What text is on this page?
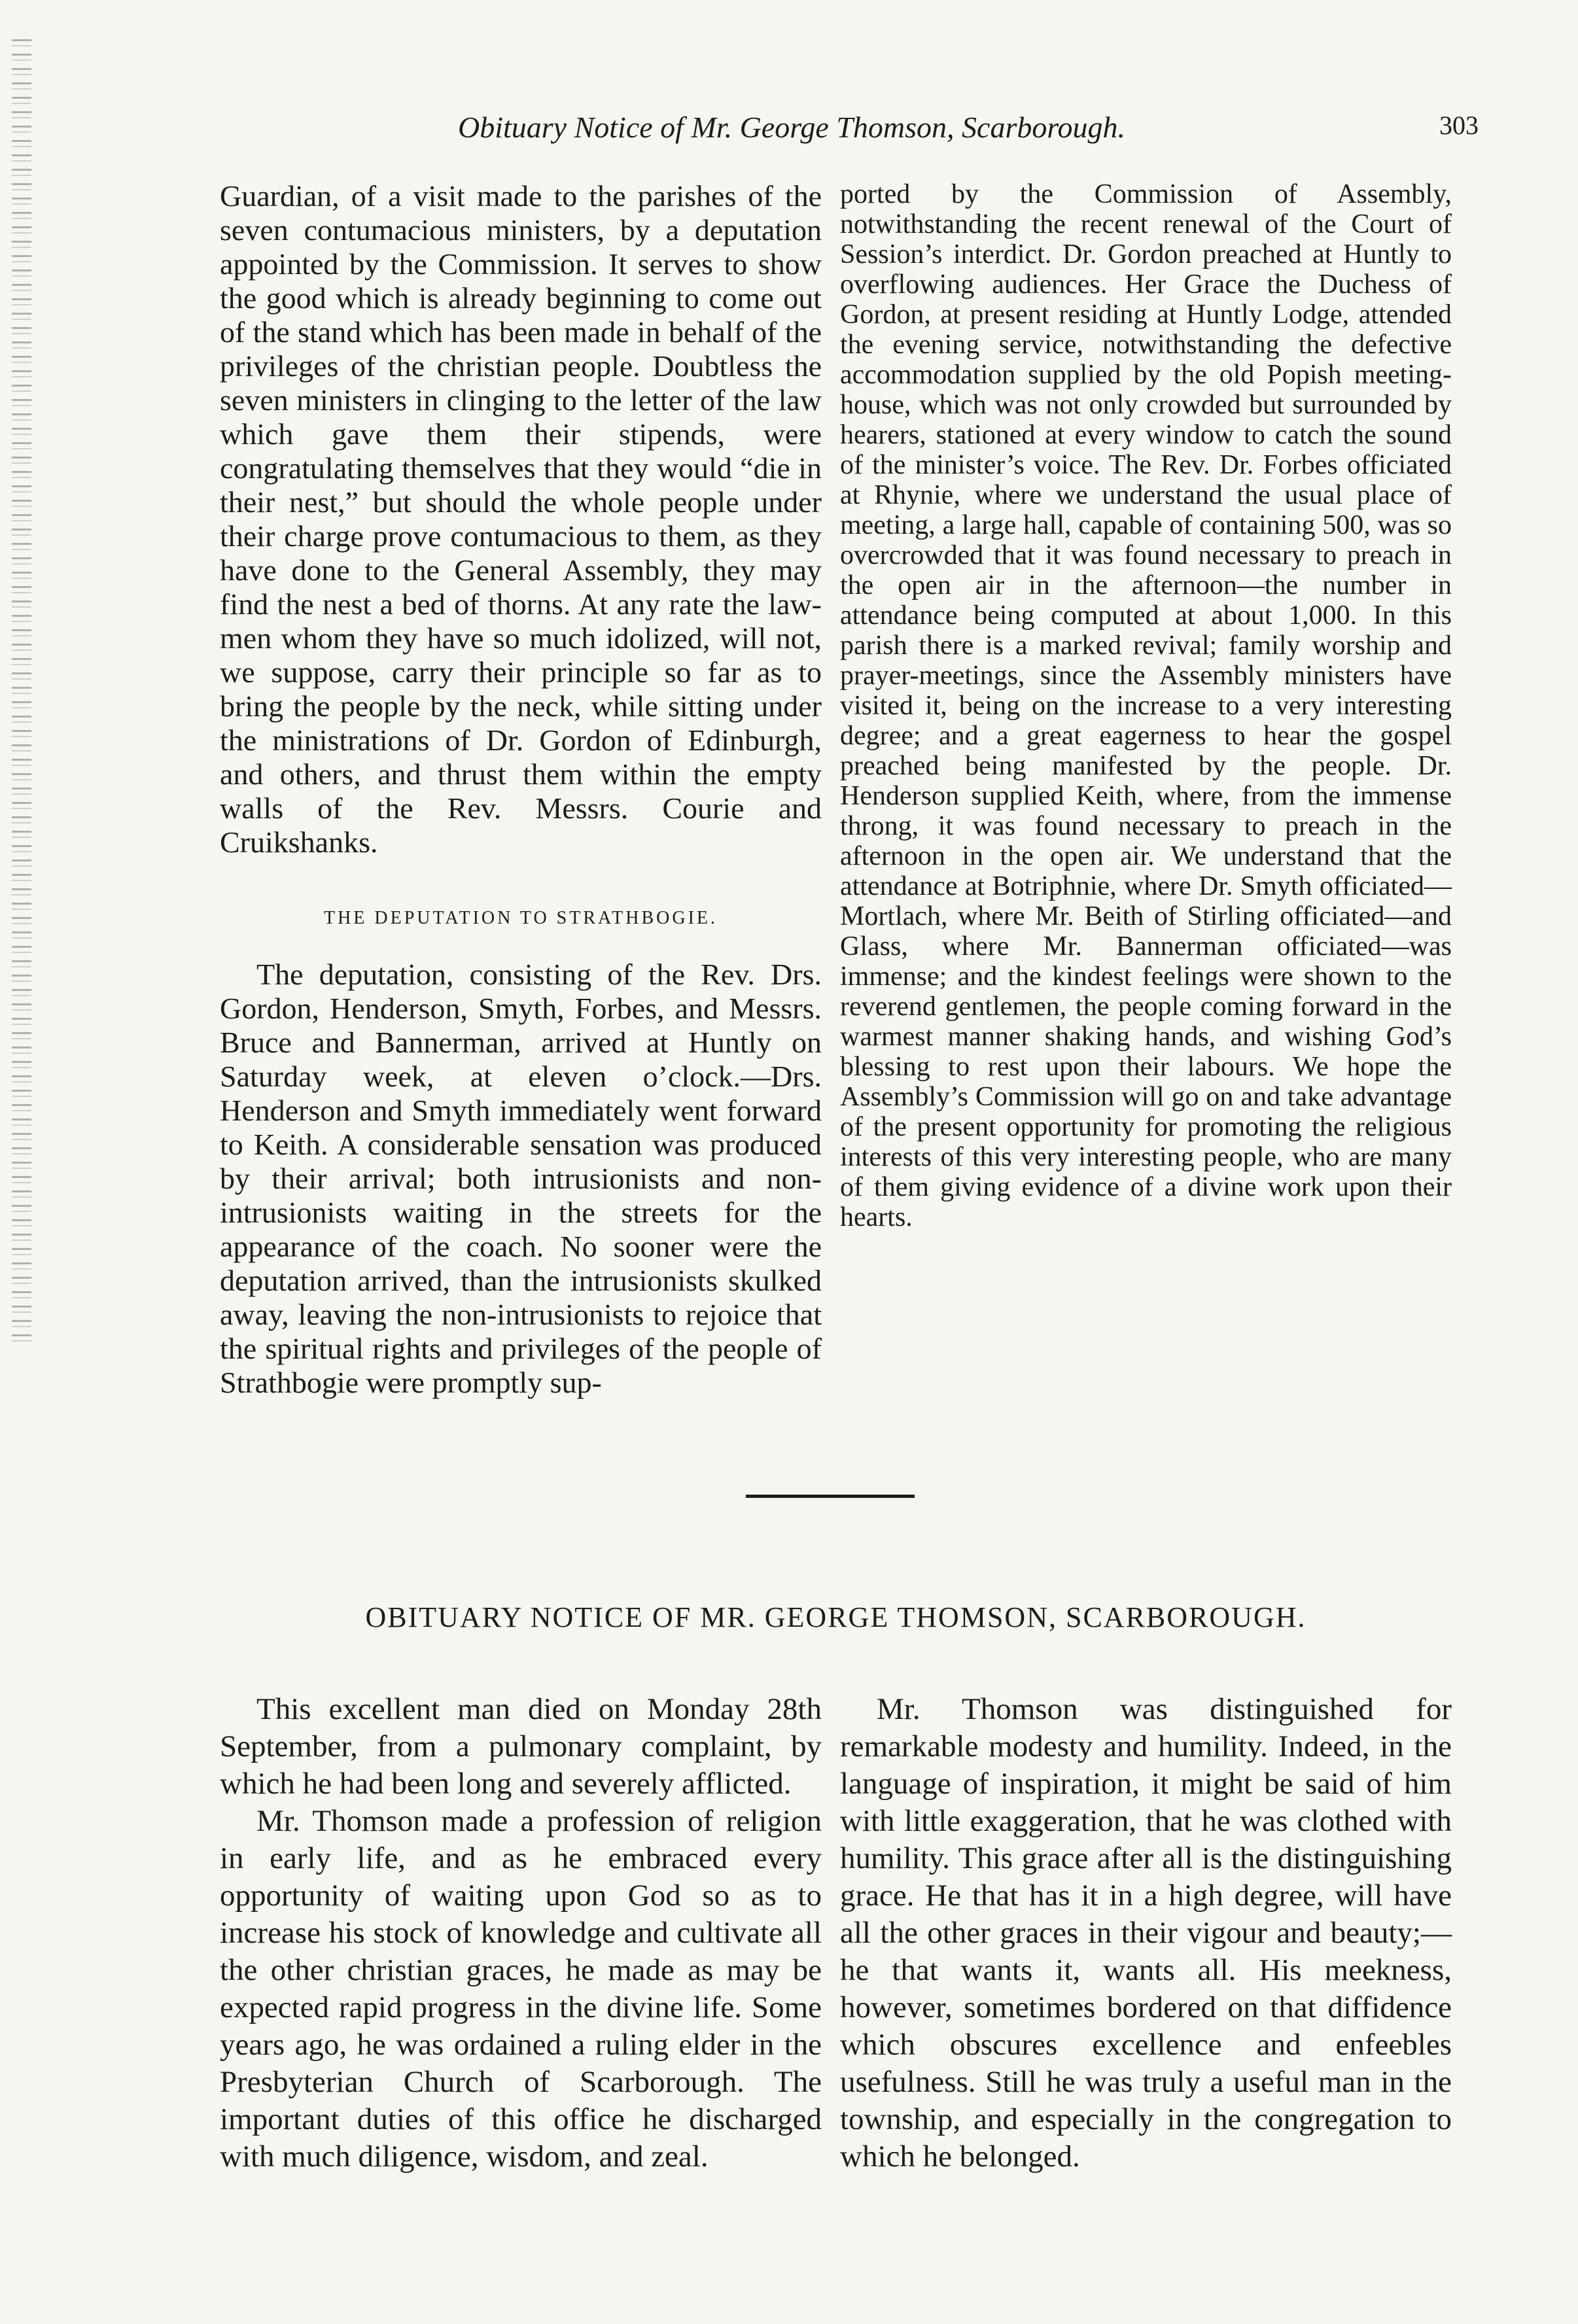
Obituary Notice of Mr. George Thomson, Scarborough.	303

Guardian, of a visit made to the parishes of the seven contumacious ministers, by a deputation appointed by the Commission. It serves to show the good which is already beginning to come out of the stand which has been made in behalf of the privileges of the christian people. Doubtless the seven ministers in clinging to the letter of the law which gave them their stipends, were congratulating themselves that they would “die in their nest,” but should the whole people under their charge prove contumacious to them, as they have done to the General Assembly, they may find the nest a bed of thorns. At any rate the law-men whom they have so much idolized, will not, we suppose, carry their principle so far as to bring the people by the neck, while sitting under the ministrations of Dr. Gordon of Edinburgh, and others, and thrust them within the empty walls of the Rev. Messrs. Courie and Cruikshanks.

THE DEPUTATION TO STRATHBOGIE.

The deputation, consisting of the Rev. Drs. Gordon, Henderson, Smyth, Forbes, and Messrs. Bruce and Bannerman, arrived at Huntly on Saturday week, at eleven o’clock.—Drs. Henderson and Smyth immediately went forward to Keith. A considerable sensation was produced by their arrival; both intrusionists and non-intrusionists waiting in the streets for the appearance of the coach. No sooner were the deputation arrived, than the intrusionists skulked away, leaving the non-intrusionists to rejoice that the spiritual rights and privileges of the people of Strathbogie were promptly sup-

ported by the Commission of Assembly, notwithstanding the recent renewal of the Court of Session’s interdict. Dr. Gordon preached at Huntly to overflowing audiences. Her Grace the Duchess of Gordon, at present residing at Huntly Lodge, attended the evening service, notwithstanding the defective accommodation supplied by the old Popish meeting-house, which was not only crowded but surrounded by hearers, stationed at every window to catch the sound of the minister’s voice. The Rev. Dr. Forbes officiated at Rhynie, where we understand the usual place of meeting, a large hall, capable of containing 500, was so overcrowded that it was found necessary to preach in the open air in the afternoon—the number in attendance being computed at about 1,000. In this parish there is a marked revival; family worship and prayer-meetings, since the Assembly ministers have visited it, being on the increase to a very interesting degree; and a great eagerness to hear the gospel preached being manifested by the people. Dr. Henderson supplied Keith, where, from the immense throng, it was found necessary to preach in the afternoon in the open air. We understand that the attendance at Botriphnie, where Dr. Smyth officiated—Mortlach, where Mr. Beith of Stirling officiated—and Glass, where Mr. Bannerman officiated—was immense; and the kindest feelings were shown to the reverend gentlemen, the people coming forward in the warmest manner shaking hands, and wishing God’s blessing to rest upon their labours. We hope the Assembly’s Commission will go on and take advantage of the present opportunity for promoting the religious interests of this very interesting people, who are many of them giving evidence of a divine work upon their hearts.

OBITUARY NOTICE OF MR. GEORGE THOMSON, SCARBOROUGH.

This excellent man died on Monday 28th September, from a pulmonary complaint, by which he had been long and severely afflicted.

Mr. Thomson made a profession of religion in early life, and as he embraced every opportunity of waiting upon God so as to increase his stock of knowledge and cultivate all the other christian graces, he made as may be expected rapid progress in the divine life. Some years ago, he was ordained a ruling elder in the Presbyterian Church of Scarborough. The important duties of this office he discharged with much diligence, wisdom, and zeal.

Mr. Thomson was distinguished for remarkable modesty and humility. Indeed, in the language of inspiration, it might be said of him with little exaggeration, that he was clothed with humility. This grace after all is the distinguishing grace. He that has it in a high degree, will have all the other graces in their vigour and beauty;—he that wants it, wants all. His meekness, however, sometimes bordered on that diffidence which obscures excellence and enfeebles usefulness. Still he was truly a useful man in the township, and especially in the congregation to which he belonged.
